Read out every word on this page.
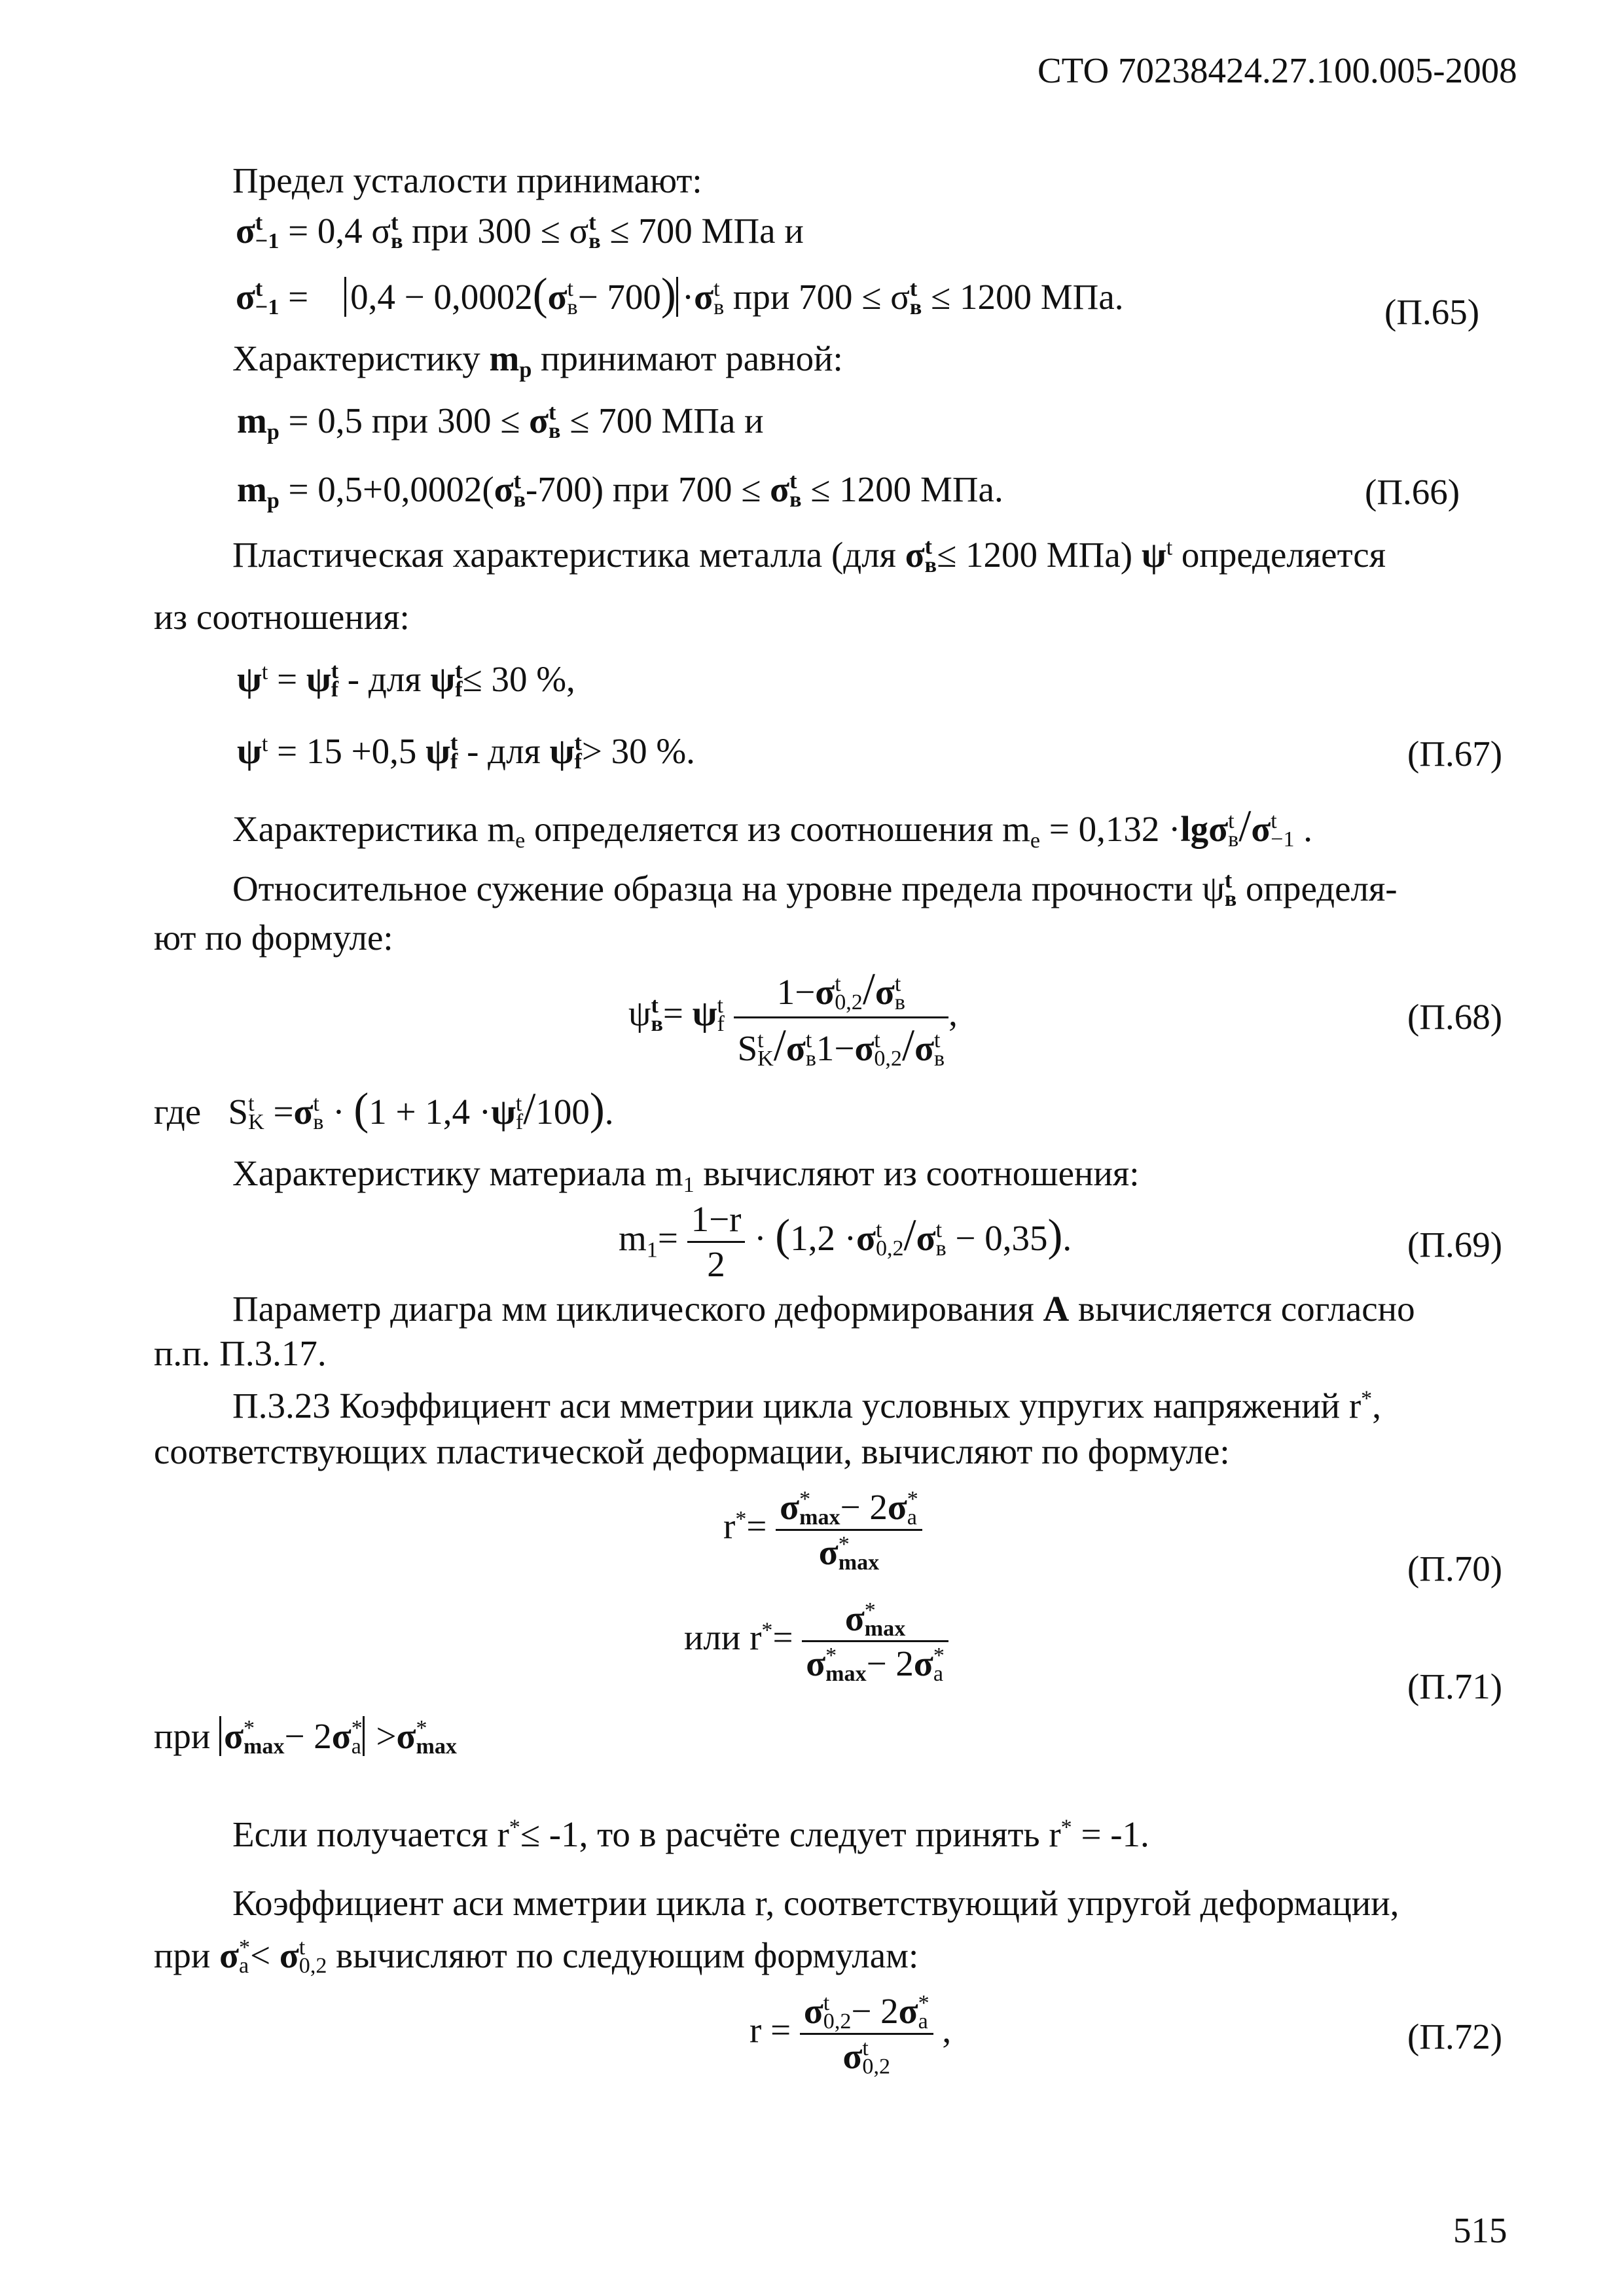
СТО 70238424.27.100.005-2008
Предел усталости принимают:
σ t
−1 = 0,4 σ t
в при 300 ≤ σ t
в ≤ 700 МПа и
σ t
−1 = 0,4 − 0,0002(σ t
в − 700) ·σ t
в при 700 ≤ σ t
в ≤ 1200 МПа.	(П.65)
Характеристику $m_p$ принимают равной:
$m_p = 0,5$ при 300 ≤ σ t
в ≤ 700 МПа и
$m_p = 0,5+0,0002(\sigma$ t
в -700) при 700 ≤ σ t
в ≤ 1200 МПа.	(П.66)
Пластическая характеристика металла (для σ t
в ≤ 1200 МПа) $\psi^t$ определяется
из соотношения:
$\psi^t = \psi$ t
f - для ψ t
f ≤ 30 %,
$\psi^t = 15 +0,5$ ψ t
f - для ψ t
f > 30 %.	(П.67)
Характеристика $m_e$ определяется из соотношения $m_e = 0,132 \cdot\lg\sigma$ t
в /σ t
−1 .
Относительное сужение образца на уровне предела прочности ψ t
в определя-
ют по формуле:
ψ t
в = ψ t
f
1−σ t
0,2 /σ t
в
S t
K /σ t
в 1−σ t
0,2 /σ t
в ,	(П.68)
где S t
K =σ t
в · (1 + 1,4 ·ψ t
f /100).
Характеристику материала $m_1$ вычисляют из соотношения:
$m_1= \frac{1-r}{2} \cdot (1,2 \cdot\sigma$ t
0,2 /σ t
в − 0,35).	(П.69)
Параметр диагра мм циклического деформирования A вычисляется согласно
п.п. П.3.17.
П.3.23 Коэффициент аси мметрии цикла условных упругих напряжений r*,
соответствующих пластической деформации, вычисляют по формуле:
r*= σ *
max − 2σ *
a
σ *
max	(П.70)
или r*= σ *
max
σ *
max − 2σ *
a
(П.71)
при σ *
max − 2σ *
a >σ *
max
Если получается r*≤ -1, то в расчёте следует принять r* = -1.
Коэффициент аси мметрии цикла r, соответствующий упругой деформации,
при σ *
a < σ t
0,2 вычисляют по следующим формулам:
r = σ t
0,2 − 2σ *
a
σ t
0,2 ,	(П.72)
515
